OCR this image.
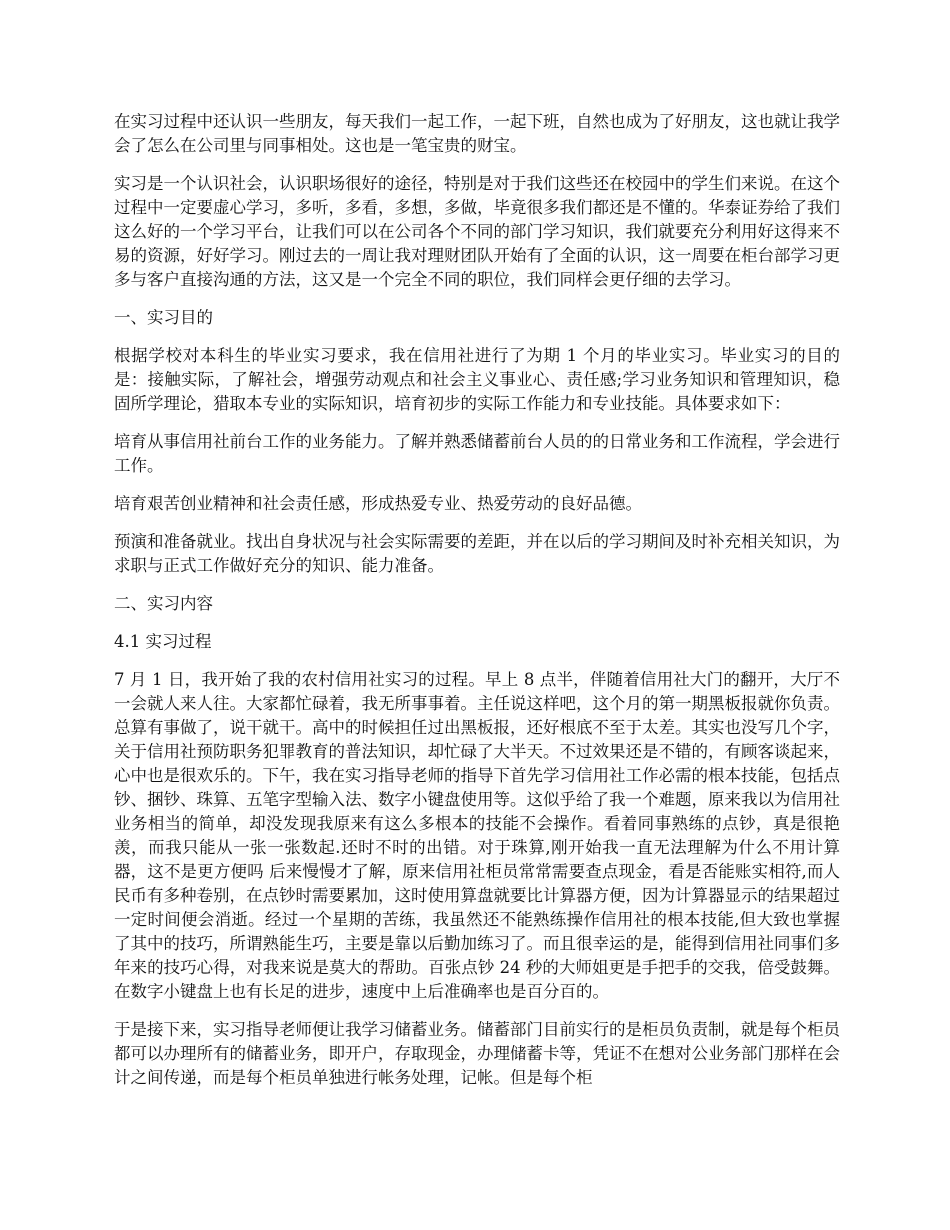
在实习过程中还认识一些朋友，每天我们一起工作，一起下班，自然也成为了好朋友，这也就让我学会了怎么在公司里与同事相处。这也是一笔宝贵的财宝。

实习是一个认识社会，认识职场很好的途径，特别是对于我们这些还在校园中的学生们来说。在这个过程中一定要虚心学习，多听，多看，多想，多做，毕竟很多我们都还是不懂的。华泰证券给了我们这么好的一个学习平台，让我们可以在公司各个不同的部门学习知识，我们就要充分利用好这得来不易的资源，好好学习。刚过去的一周让我对理财团队开始有了全面的认识，这一周要在柜台部学习更多与客户直接沟通的方法，这又是一个完全不同的职位，我们同样会更仔细的去学习。

一、实习目的

根据学校对本科生的毕业实习要求，我在信用社进行了为期 1 个月的毕业实习。毕业实习的目的是：接触实际，了解社会，增强劳动观点和社会主义事业心、责任感;学习业务知识和管理知识，稳固所学理论，猎取本专业的实际知识，培育初步的实际工作能力和专业技能。具体要求如下：

培育从事信用社前台工作的业务能力。了解并熟悉储蓄前台人员的的日常业务和工作流程，学会进行工作。

培育艰苦创业精神和社会责任感，形成热爱专业、热爱劳动的良好品德。

预演和准备就业。找出自身状况与社会实际需要的差距，并在以后的学习期间及时补充相关知识，为求职与正式工作做好充分的知识、能力准备。

二、实习内容

4.1 实习过程

7 月 1 日，我开始了我的农村信用社实习的过程。早上 8 点半，伴随着信用社大门的翻开，大厅不一会就人来人往。大家都忙碌着，我无所事事着。主任说这样吧，这个月的第一期黑板报就你负责。总算有事做了，说干就干。高中的时候担任过出黑板报，还好根底不至于太差。其实也没写几个字，关于信用社预防职务犯罪教育的普法知识，却忙碌了大半天。不过效果还是不错的，有顾客谈起来，心中也是很欢乐的。下午，我在实习指导老师的指导下首先学习信用社工作必需的根本技能，包括点钞、捆钞、珠算、五笔字型输入法、数字小键盘使用等。这似乎给了我一个难题，原来我以为信用社业务相当的简单，却没发现我原来有这么多根本的技能不会操作。看着同事熟练的点钞，真是很艳羡，而我只能从一张一张数起.还时不时的出错。对于珠算,刚开始我一直无法理解为什么不用计算器，这不是更方便吗 后来慢慢才了解，原来信用社柜员常常需要查点现金，看是否能账实相符,而人民币有多种卷别，在点钞时需要累加，这时使用算盘就要比计算器方便，因为计算器显示的结果超过一定时间便会消逝。经过一个星期的苦练，我虽然还不能熟练操作信用社的根本技能,但大致也掌握了其中的技巧，所谓熟能生巧，主要是靠以后勤加练习了。而且很幸运的是，能得到信用社同事们多年来的技巧心得，对我来说是莫大的帮助。百张点钞 24 秒的大师姐更是手把手的交我，倍受鼓舞。在数字小键盘上也有长足的进步，速度中上后准确率也是百分百的。

于是接下来，实习指导老师便让我学习储蓄业务。储蓄部门目前实行的是柜员负责制，就是每个柜员都可以办理所有的储蓄业务，即开户，存取现金，办理储蓄卡等，凭证不在想对公业务部门那样在会计之间传递，而是每个柜员单独进行帐务处理，记帐。但是每个柜
